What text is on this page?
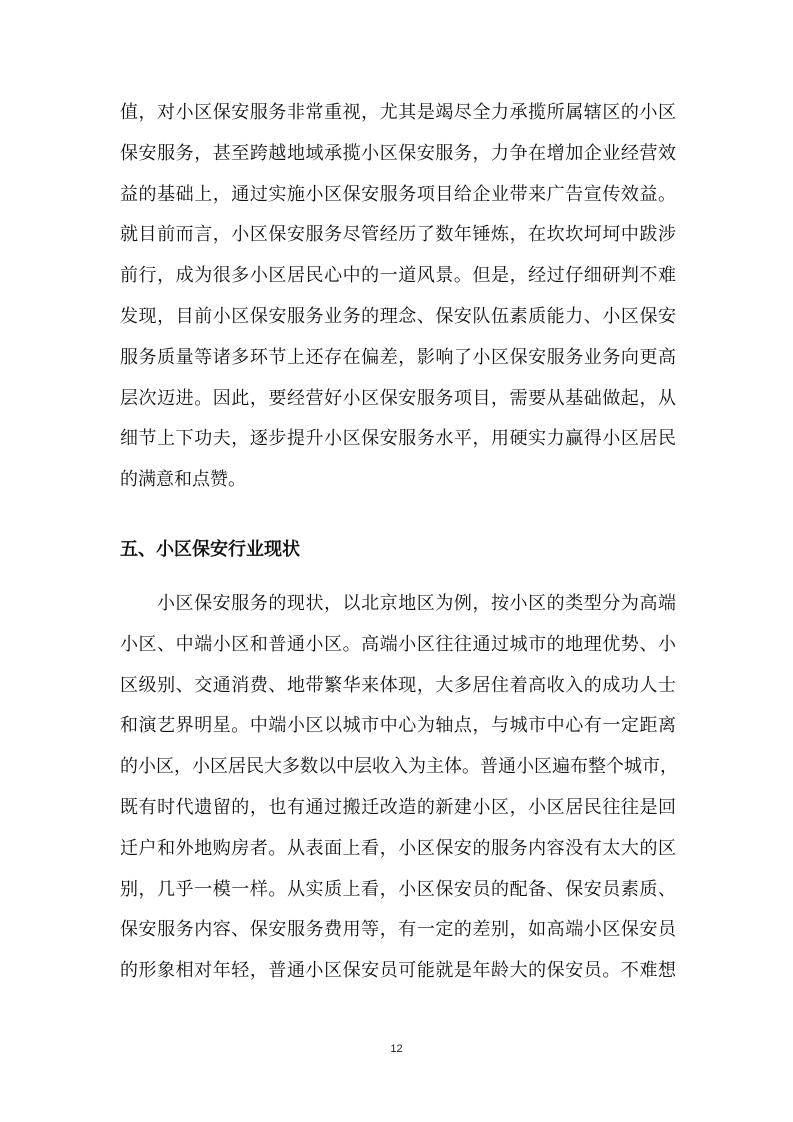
值，对小区保安服务非常重视，尤其是竭尽全力承揽所属辖区的小区
保安服务，甚至跨越地域承揽小区保安服务，力争在增加企业经营效
益的基础上，通过实施小区保安服务项目给企业带来广告宣传效益。
就目前而言，小区保安服务尽管经历了数年锤炼，在坎坎坷坷中跋涉
前行，成为很多小区居民心中的一道风景。但是，经过仔细研判不难
发现，目前小区保安服务业务的理念、保安队伍素质能力、小区保安
服务质量等诸多环节上还存在偏差，影响了小区保安服务业务向更高
层次迈进。因此，要经营好小区保安服务项目，需要从基础做起，从
细节上下功夫，逐步提升小区保安服务水平，用硬实力赢得小区居民
的满意和点赞。
五、小区保安行业现状
小区保安服务的现状，以北京地区为例，按小区的类型分为高端
小区、中端小区和普通小区。高端小区往往通过城市的地理优势、小
区级别、交通消费、地带繁华来体现，大多居住着高收入的成功人士
和演艺界明星。中端小区以城市中心为轴点，与城市中心有一定距离
的小区，小区居民大多数以中层收入为主体。普通小区遍布整个城市，
既有时代遗留的，也有通过搬迁改造的新建小区，小区居民往往是回
迁户和外地购房者。从表面上看，小区保安的服务内容没有太大的区
别，几乎一模一样。从实质上看，小区保安员的配备、保安员素质、
保安服务内容、保安服务费用等，有一定的差别，如高端小区保安员
的形象相对年轻，普通小区保安员可能就是年龄大的保安员。不难想
12
